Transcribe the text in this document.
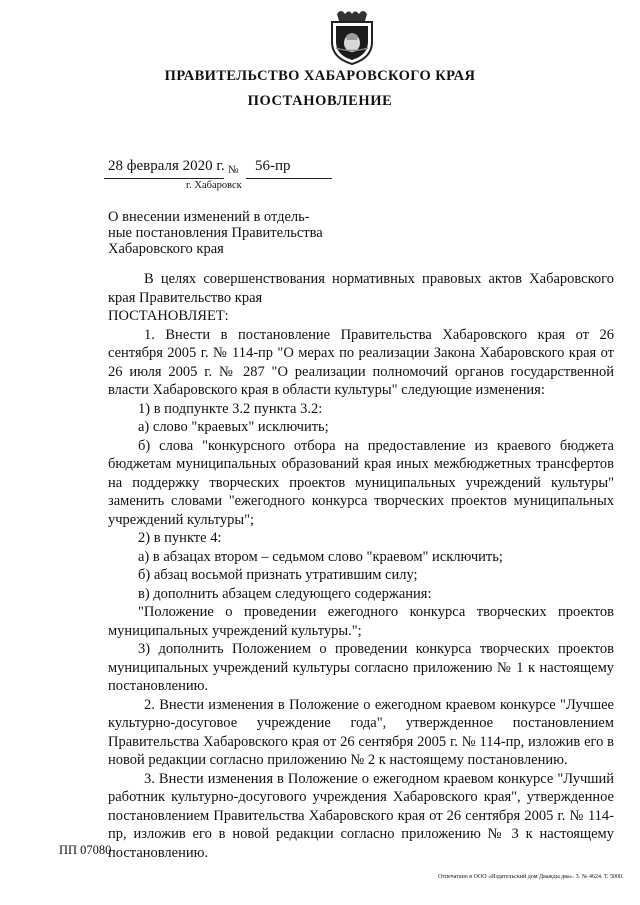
ПРАВИТЕЛЬСТВО ХАБАРОВСКОГО КРАЯ
ПОСТАНОВЛЕНИЕ
28 февраля 2020 г. № 56-пр
г. Хабаровск
О внесении изменений в отдель-
ные постановления Правительства
Хабаровского края

В целях совершенствования нормативных правовых актов Хабаровского края Правительство края

ПОСТАНОВЛЯЕТ:

1. Внести в постановление Правительства Хабаровского края от 26 сентября 2005 г. № 114-пр "О мерах по реализации Закона Хабаровского края от 26 июля 2005 г. № 287 "О реализации полномочий органов государственной власти Хабаровского края в области культуры" следующие изменения:

1) в подпункте 3.2 пункта 3.2:

а) слово "краевых" исключить;

б) слова "конкурсного отбора на предоставление из краевого бюджета бюджетам муниципальных образований края иных межбюджетных трансфертов на поддержку творческих проектов муниципальных учреждений культуры" заменить словами "ежегодного конкурса творческих проектов муниципальных учреждений культуры";

2) в пункте 4:

а) в абзацах втором – седьмом слово "краевом" исключить;

б) абзац восьмой признать утратившим силу;

в) дополнить абзацем следующего содержания:

"Положение о проведении ежегодного конкурса творческих проектов муниципальных учреждений культуры.";

3) дополнить Положением о проведении конкурса творческих проектов муниципальных учреждений культуры согласно приложению № 1 к настоящему постановлению.

2. Внести изменения в Положение о ежегодном краевом конкурсе "Лучшее культурно-досуговое учреждение года", утвержденное постановлением Правительства Хабаровского края от 26 сентября 2005 г. № 114-пр, изложив его в новой редакции согласно приложению № 2 к настоящему постановлению.

3. Внести изменения в Положение о ежегодном краевом конкурсе "Лучший работник культурно-досугового учреждения Хабаровского края", утвержденное постановлением Правительства Хабаровского края от 26 сентября 2005 г. № 114-пр, изложив его в новой редакции согласно приложению № 3 к настоящему постановлению.

ПП 07080
Отпечатано в ООО «Издательский дом Дважды два». З. № 4624. Т. 5000.
